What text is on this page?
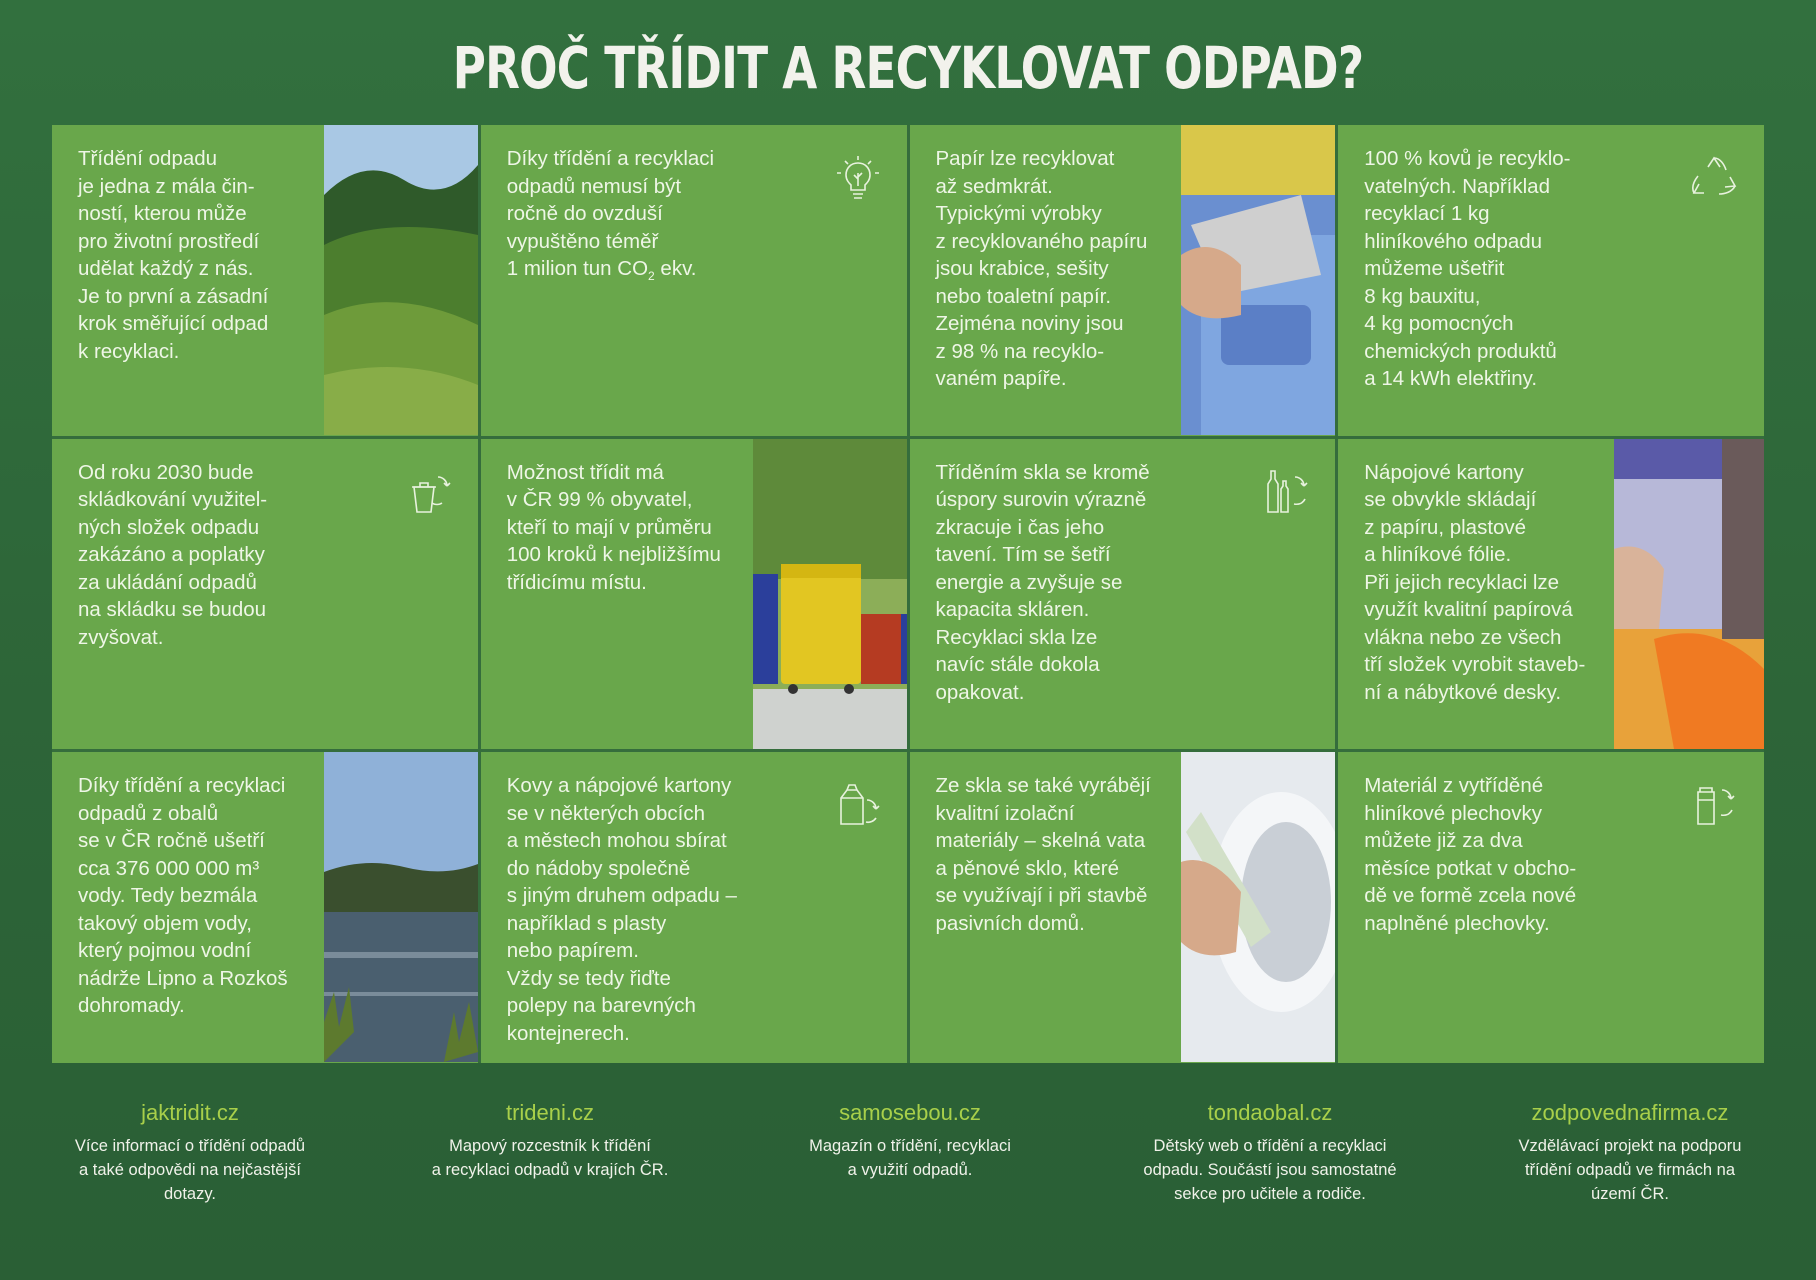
PROČ TŘÍDIT A RECYKLOVAT ODPAD?
Třídění odpadu
je jedna z mála čin-
ností, kterou může
pro životní prostředí
udělat každý z nás.
Je to první a zásadní
krok směřující odpad
k recyklaci.
Díky třídění a recyklaci
odpadů nemusí být
ročně do ovzduší
vypuštěno téměř
1 milion tun $CO_2$ ekv.
Papír lze recyklovat
až sedmkrát.
Typickými výrobky
z recyklovaného papíru
jsou krabice, sešity
nebo toaletní papír.
Zejména noviny jsou
z 98 % na recyklo-
vaném papíře.
100 % kovů je recyklo-
vatelných. Například
recyklací 1 kg
hliníkového odpadu
můžeme ušetřit
8 kg bauxitu,
4 kg pomocných
chemických produktů
a 14 kWh elektřiny.
Od roku 2030 bude
skládkování využitel-
ných složek odpadu
zakázáno a poplatky
za ukládání odpadů
na skládku se budou
zvyšovat.
Možnost třídit má
v ČR 99 % obyvatel,
kteří to mají v průměru
100 kroků k nejbližšímu
třídicímu místu.
Tříděním skla se kromě
úspory surovin výrazně
zkracuje i čas jeho
tavení. Tím se šetří
energie a zvyšuje se
kapacita skláren.
Recyklaci skla lze
navíc stále dokola
opakovat.
Nápojové kartony
se obvykle skládají
z papíru, plastové
a hliníkové fólie.
Při jejich recyklaci lze
využít kvalitní papírová
vlákna nebo ze všech
tří složek vyrobit staveb-
ní a nábytkové desky.
Díky třídění a recyklaci
odpadů z obalů
se v ČR ročně ušetří
cca 376 000 000 m³
vody. Tedy bezmála
takový objem vody,
který pojmou vodní
nádrže Lipno a Rozkoš
dohromady.
Kovy a nápojové kartony
se v některých obcích
a městech mohou sbírat
do nádoby společně
s jiným druhem odpadu –
například s plasty
nebo papírem.
Vždy se tedy řiďte
polepy na barevných
kontejnerech.
Ze skla se také vyrábějí
kvalitní izolační
materiály – skelná vata
a pěnové sklo, které
se využívají i při stavbě
pasivních domů.
Materiál z vytříděné
hliníkové plechovky
můžete již za dva
měsíce potkat v obcho-
dě ve formě zcela nové
naplněné plechovky.
jaktridit.cz
Více informací o třídění odpadů
a také odpovědi na nejčastější
dotazy.
trideni.cz
Mapový rozcestník k třídění
a recyklaci odpadů v krajích ČR.
samosebou.cz
Magazín o třídění, recyklaci
a využití odpadů.
tondaobal.cz
Dětský web o třídění a recyklaci
odpadu. Součástí jsou samostatné
sekce pro učitele a rodiče.
zodpovednafirma.cz
Vzdělávací projekt na podporu
třídění odpadů ve firmách na
území ČR.
